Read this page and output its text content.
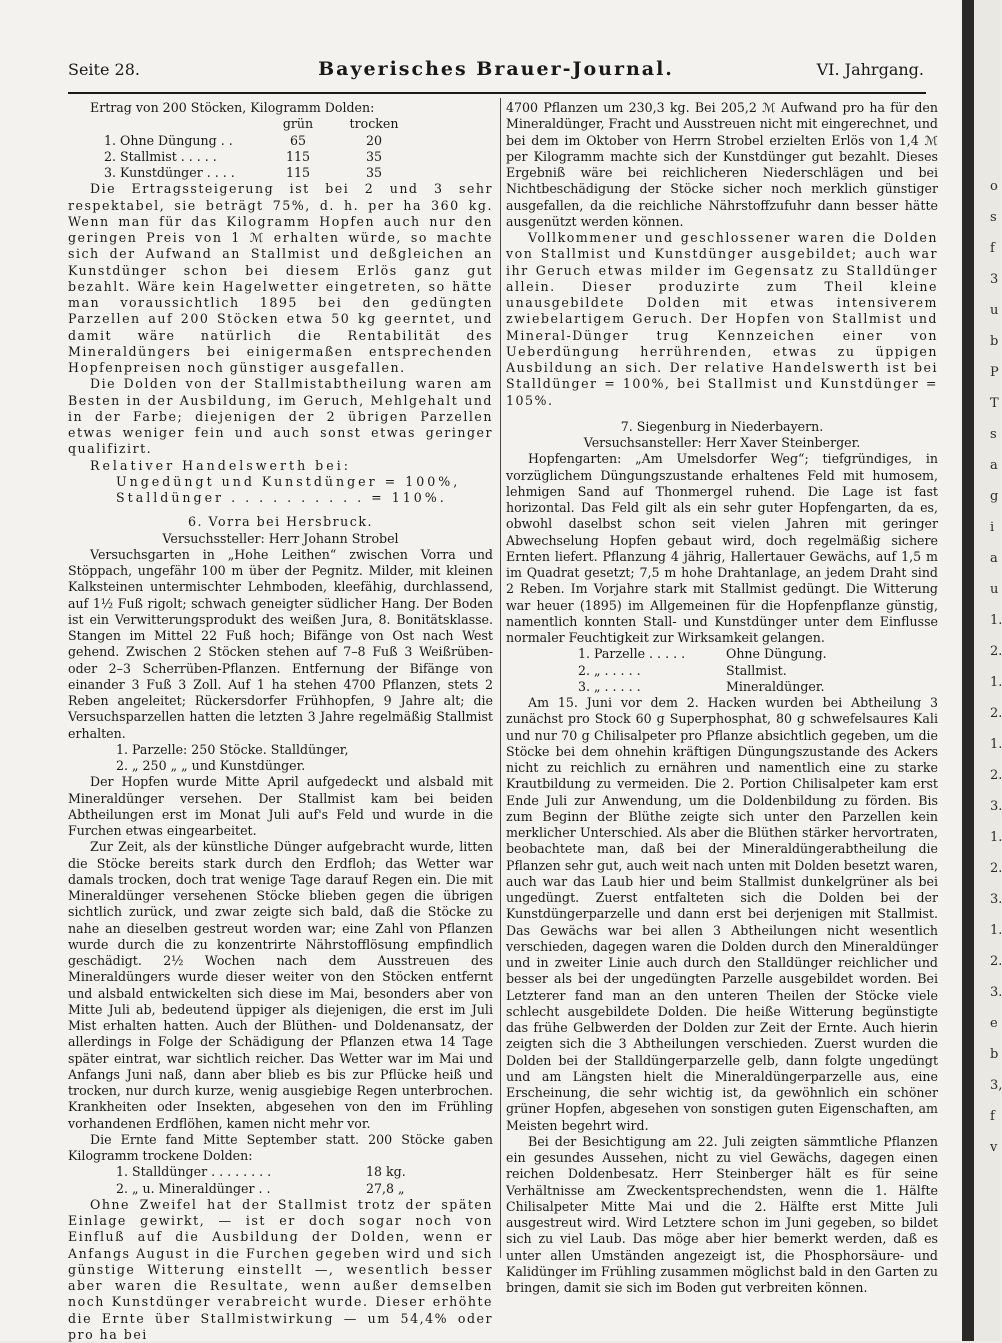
Seite 28.	Bayerisches Brauer-Journal.	VI. Jahrgang.

Ertrag von 200 Stöcken, Kilogramm Dolden:

	grün	trocken
1. Ohne Düngung . .	65	20
2. Stallmist . . . . .	115	35
3. Kunstdünger . . . .	115	35

Die Ertragssteigerung ist bei 2 und 3 sehr respektabel, sie beträgt 75%, d. h. per ha 360 kg. Wenn man für das Kilogramm Hopfen auch nur den geringen Preis von 1 ℳ erhalten würde, so machte sich der Aufwand an Stallmist und deßgleichen an Kunstdünger schon bei diesem Erlös ganz gut bezahlt. Wäre kein Hagelwetter eingetreten, so hätte man voraussichtlich 1895 bei den gedüngten Parzellen auf 200 Stöcken etwa 50 kg geerntet, und damit wäre natürlich die Rentabilität des Mineraldüngers bei einigermaßen entsprechenden Hopfenpreisen noch günstiger ausgefallen.

Die Dolden von der Stallmistabtheilung waren am Besten in der Ausbildung, im Geruch, Mehlgehalt und in der Farbe; diejenigen der 2 übrigen Parzellen etwas weniger fein und auch sonst etwas geringer qualifizirt.

Relativer Handelswerth bei:

Ungedüngt und Kunstdünger = 100%,
Stalldünger . . . . . . . . . . = 110%.
6. Vorra bei Hersbruck.
Versuchssteller: Herr Johann Strobel

Versuchsgarten in „Hohe Leithen“ zwischen Vorra und Stöppach, ungefähr 100 m über der Pegnitz. Milder, mit kleinen Kalksteinen untermischter Lehmboden, kleefähig, durchlassend, auf 1½ Fuß rigolt; schwach geneigter südlicher Hang. Der Boden ist ein Verwitterungsprodukt des weißen Jura, 8. Bonitätsklasse. Stangen im Mittel 22 Fuß hoch; Bifänge von Ost nach West gehend. Zwischen 2 Stöcken stehen auf 7–8 Fuß 3 Weißrüben- oder 2–3 Scherrüben-Pflanzen. Entfernung der Bifänge von einander 3 Fuß 3 Zoll. Auf 1 ha stehen 4700 Pflanzen, stets 2 Reben angeleitet; Rückersdorfer Frühhopfen, 9 Jahre alt; die Versuchsparzellen hatten die letzten 3 Jahre regelmäßig Stallmist erhalten.

1. Parzelle: 250 Stöcke. Stalldünger,
2. „ 250 „ „ und Kunstdünger.

Der Hopfen wurde Mitte April aufgedeckt und alsbald mit Mineraldünger versehen. Der Stallmist kam bei beiden Abtheilungen erst im Monat Juli auf's Feld und wurde in die Furchen etwas eingearbeitet.

Zur Zeit, als der künstliche Dünger aufgebracht wurde, litten die Stöcke bereits stark durch den Erdfloh; das Wetter war damals trocken, doch trat wenige Tage darauf Regen ein. Die mit Mineraldünger versehenen Stöcke blieben gegen die übrigen sichtlich zurück, und zwar zeigte sich bald, daß die Stöcke zu nahe an dieselben gestreut worden war; eine Zahl von Pflanzen wurde durch die zu konzentrirte Nährstofflösung empfindlich geschädigt. 2½ Wochen nach dem Ausstreuen des Mineraldüngers wurde dieser weiter von den Stöcken entfernt und alsbald entwickelten sich diese im Mai, besonders aber von Mitte Juli ab, bedeutend üppiger als diejenigen, die erst im Juli Mist erhalten hatten. Auch der Blüthen- und Doldenansatz, der allerdings in Folge der Schädigung der Pflanzen etwa 14 Tage später eintrat, war sichtlich reicher. Das Wetter war im Mai und Anfangs Juni naß, dann aber blieb es bis zur Pflücke heiß und trocken, nur durch kurze, wenig ausgiebige Regen unterbrochen. Krankheiten oder Insekten, abgesehen von den im Frühling vorhandenen Erdflöhen, kamen nicht mehr vor.

Die Ernte fand Mitte September statt. 200 Stöcke gaben Kilogramm trockene Dolden:

1. Stalldünger . . . . . . . .	18 kg.
2. „ u. Mineraldünger . .	27,8 „

Ohne Zweifel hat der Stallmist trotz der späten Einlage gewirkt, — ist er doch sogar noch von Einfluß auf die Ausbildung der Dolden, wenn er Anfangs August in die Furchen gegeben wird und sich günstige Witterung einstellt —, wesentlich besser aber waren die Resultate, wenn außer demselben noch Kunstdünger verabreicht wurde. Dieser erhöhte die Ernte über Stallmistwirkung — um 54,4% oder pro ha bei

4700 Pflanzen um 230,3 kg. Bei 205,2 ℳ Aufwand pro ha für den Mineraldünger, Fracht und Ausstreuen nicht mit eingerechnet, und bei dem im Oktober von Herrn Strobel erzielten Erlös von 1,4 ℳ per Kilogramm machte sich der Kunstdünger gut bezahlt. Dieses Ergebniß wäre bei reichlicheren Niederschlägen und bei Nichtbeschädigung der Stöcke sicher noch merklich günstiger ausgefallen, da die reichliche Nährstoffzufuhr dann besser hätte ausgenützt werden können.

Vollkommener und geschlossener waren die Dolden von Stallmist und Kunstdünger ausgebildet; auch war ihr Geruch etwas milder im Gegensatz zu Stalldünger allein. Dieser produzirte zum Theil kleine unausgebildete Dolden mit etwas intensiverem zwiebelartigem Geruch. Der Hopfen von Stallmist und Mineral-Dünger trug Kennzeichen einer von Ueberdüngung herrührenden, etwas zu üppigen Ausbildung an sich. Der relative Handelswerth ist bei Stalldünger = 100%, bei Stallmist und Kunstdünger = 105%.

7. Siegenburg in Niederbayern.
Versuchsansteller: Herr Xaver Steinberger.

Hopfengarten: „Am Umelsdorfer Weg“; tiefgründiges, in vorzüglichem Düngungszustande erhaltenes Feld mit humosem, lehmigen Sand auf Thonmergel ruhend. Die Lage ist fast horizontal. Das Feld gilt als ein sehr guter Hopfengarten, da es, obwohl daselbst schon seit vielen Jahren mit geringer Abwechselung Hopfen gebaut wird, doch regelmäßig sichere Ernten liefert. Pflanzung 4 jährig, Hallertauer Gewächs, auf 1,5 m im Quadrat gesetzt; 7,5 m hohe Drahtanlage, an jedem Draht sind 2 Reben. Im Vorjahre stark mit Stallmist gedüngt. Die Witterung war heuer (1895) im Allgemeinen für die Hopfenpflanze günstig, namentlich konnten Stall- und Kunstdünger unter dem Einflusse normaler Feuchtigkeit zur Wirksamkeit gelangen.

1. Parzelle . . . . .	Ohne Düngung.
2. „ . . . . .	Stallmist.
3. „ . . . . .	Mineraldünger.

Am 15. Juni vor dem 2. Hacken wurden bei Abtheilung 3 zunächst pro Stock 60 g Superphosphat, 80 g schwefelsaures Kali und nur 70 g Chilisalpeter pro Pflanze absichtlich gegeben, um die Stöcke bei dem ohnehin kräftigen Düngungszustande des Ackers nicht zu reichlich zu ernähren und namentlich eine zu starke Krautbildung zu vermeiden. Die 2. Portion Chilisalpeter kam erst Ende Juli zur Anwendung, um die Doldenbildung zu förden. Bis zum Beginn der Blüthe zeigte sich unter den Parzellen kein merklicher Unterschied. Als aber die Blüthen stärker hervortraten, beobachtete man, daß bei der Mineraldüngerabtheilung die Pflanzen sehr gut, auch weit nach unten mit Dolden besetzt waren, auch war das Laub hier und beim Stallmist dunkelgrüner als bei ungedüngt. Zuerst entfalteten sich die Dolden bei der Kunstdüngerparzelle und dann erst bei derjenigen mit Stallmist. Das Gewächs war bei allen 3 Abtheilungen nicht wesentlich verschieden, dagegen waren die Dolden durch den Mineraldünger und in zweiter Linie auch durch den Stalldünger reichlicher und besser als bei der ungedüngten Parzelle ausgebildet worden. Bei Letzterer fand man an den unteren Theilen der Stöcke viele schlecht ausgebildete Dolden. Die heiße Witterung begünstigte das frühe Gelbwerden der Dolden zur Zeit der Ernte. Auch hierin zeigten sich die 3 Abtheilungen verschieden. Zuerst wurden die Dolden bei der Stalldüngerparzelle gelb, dann folgte ungedüngt und am Längsten hielt die Mineraldüngerparzelle aus, eine Erscheinung, die sehr wichtig ist, da gewöhnlich ein schöner grüner Hopfen, abgesehen von sonstigen guten Eigenschaften, am Meisten begehrt wird.

Bei der Besichtigung am 22. Juli zeigten sämmtliche Pflanzen ein gesundes Aussehen, nicht zu viel Gewächs, dagegen einen reichen Doldenbesatz. Herr Steinberger hält es für seine Verhältnisse am Zweckentsprechendsten, wenn die 1. Hälfte Chilisalpeter Mitte Mai und die 2. Hälfte erst Mitte Juli ausgestreut wird. Wird Letztere schon im Juni gegeben, so bildet sich zu viel Laub. Das möge aber hier bemerkt werden, daß es unter allen Umständen angezeigt ist, die Phosphorsäure- und Kalidünger im Frühling zusammen möglichst bald in den Garten zu bringen, damit sie sich im Boden gut verbreiten können.

o
s
f
3
u
b
P
T
s
a
g
i
a
u
1.
2.
1.
2.
1.
2.
3.
1.
2.
3.
1.
2.
3.
e
b
3,
f
v
